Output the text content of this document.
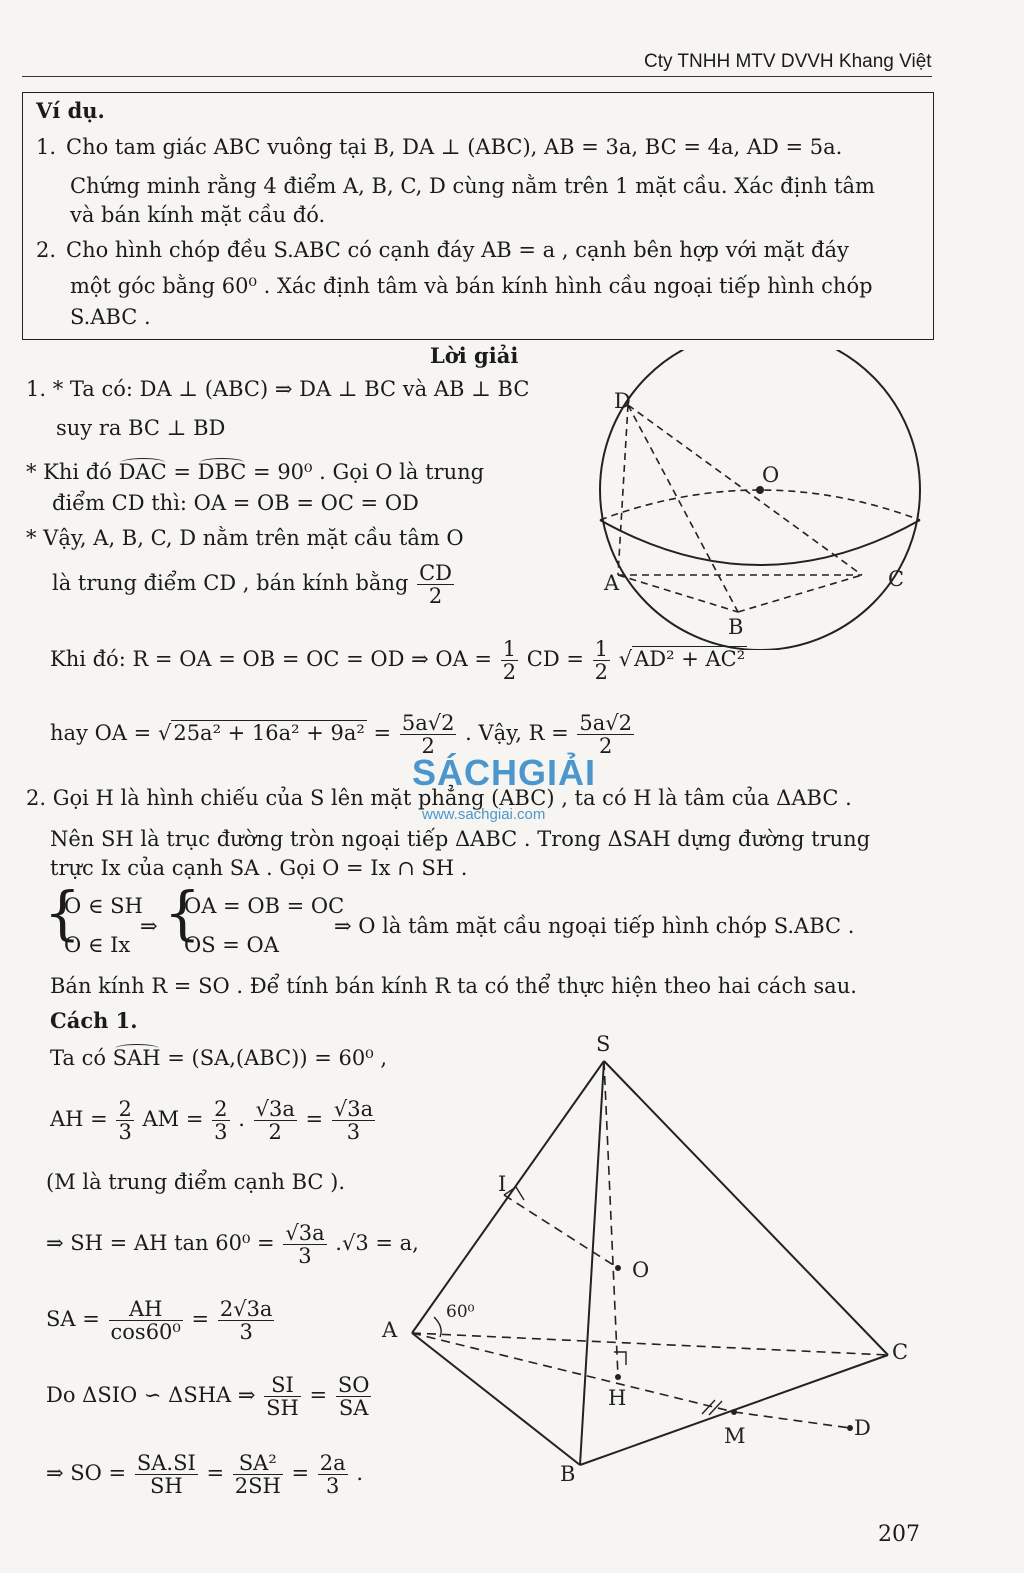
Cty TNHH MTV DVVH Khang Việt
Ví dụ.
1. Cho tam giác ABC vuông tại B, DA ⊥ (ABC), AB = 3a, BC = 4a, AD = 5a.
Chứng minh rằng 4 điểm A, B, C, D cùng nằm trên 1 mặt cầu. Xác định tâm
và bán kính mặt cầu đó.
2. Cho hình chóp đều S.ABC có cạnh đáy AB = a , cạnh bên hợp với mặt đáy
một góc bằng 60⁰ . Xác định tâm và bán kính hình cầu ngoại tiếp hình chóp
S.ABC .
Lời giải
1. * Ta có: DA ⊥ (ABC) ⇒ DA ⊥ BC và AB ⊥ BC
suy ra BC ⊥ BD
* Khi đó DAC = DBC = 90⁰ . Gọi O là trung
điểm CD thì: OA = OB = OC = OD
* Vậy, A, B, C, D nằm trên mặt cầu tâm O
là trung điểm CD , bán kính bằng $\frac{CD}{2}$
Khi đó: R = OA = OB = OC = OD ⇒ OA = $\frac{1}{2}$ CD = $\frac{1}{2} √AD^2 + AC^2$
hay OA = $√25a^2 + 16a^2 + 9a^2 = \frac{5a√2}{2}$ . Vậy, $R = \frac{5a√2}{2}$
SÁCHGIẢI
www.sachgiai.com
D
O
A	C
B
2. Gọi H là hình chiếu của S lên mặt phẳng (ABC) , ta có H là tâm của ΔABC .
Nên SH là trục đường tròn ngoại tiếp ΔABC . Trong ΔSAH dựng đường trung
trực Ix của cạnh SA . Gọi O = Ix ∩ SH .
{
O ∈ SH
O ∈ Ix
⇒ {
OA = OB = OC
OS = OA
⇒ O là tâm mặt cầu ngoại tiếp hình chóp S.ABC .
Bán kính R = SO . Để tính bán kính R ta có thể thực hiện theo hai cách sau.
Cách 1.
Ta có SAH = (SA,(ABC)) = 60⁰ ,
AH = $\frac{2}{3}$ AM = $\frac{2}{3}$ . $\frac{√3a}{2} = \frac{√3a}{3}$
(M là trung điểm cạnh BC ).
⇒ SH = AH $\tan 60^0 = \frac{√3a}{3} .√3 = a$,
SA = $\frac{AH}{\text{cos60⁰}} = \frac{2√3a}{3}$
Do ΔSIO ∽ ΔSHA ⇒ $\frac{SI}{SH} = \frac{SO}{SA}$
⇒ SO = $\frac{SA.SI}{SH} = \frac{\text{SA²}}{2SH} = \frac{2a}{3}$ .
S
I
O
A
60⁰
C
H
M	D
B
207
